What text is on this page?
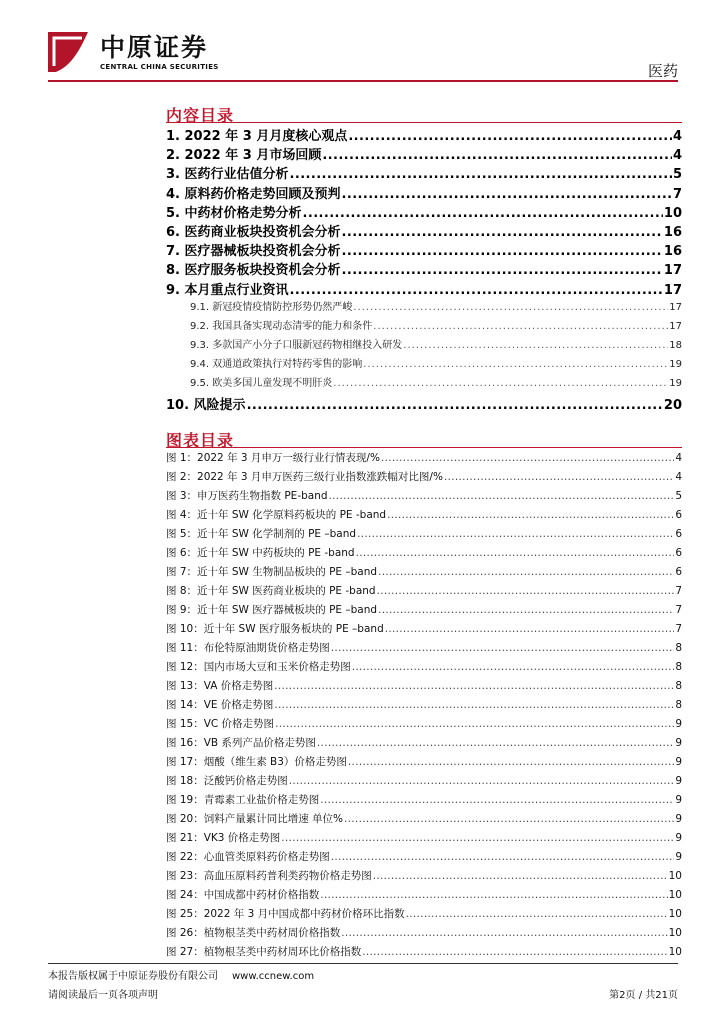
中原证券
CENTRAL CHINA SECURITIES	医药
内容目录
1. 2022 年 3 月月度核心观点 .....	4
2. 2022 年 3 月市场回顾 .....	4
3. 医药行业估值分析 .....	5
4. 原料药价格走势回顾及预判 .....	7
5. 中药材价格走势分析 .....	10
6. 医药商业板块投资机会分析 .....	16
7. 医疗器械板块投资机会分析 .....	16
8. 医疗服务板块投资机会分析 .....	17
9. 本月重点行业资讯 .....	17
9.1. 新冠疫情疫情防控形势仍然严峻 .....	17
9.2. 我国具备实现动态清零的能力和条件 .....	17
9.3. 多款国产小分子口服新冠药物相继投入研发 .....	18
9.4. 双通道政策执行对特药零售的影响 .....	19
9.5. 欧美多国儿童发现不明肝炎 .....	19
10. 风险提示 .....	20
图表目录
图 1：2022 年 3 月申万一级行业行情表现/% .....	4
图 2：2022 年 3 月申万医药三级行业指数涨跌幅对比图/% .....	4
图 3：申万医药生物指数 PE-band .....	5
图 4：近十年 SW 化学原料药板块的 PE -band .....	6
图 5：近十年 SW 化学制剂的 PE –band .....	6
图 6：近十年 SW 中药板块的 PE -band .....	6
图 7：近十年 SW 生物制品板块的 PE –band .....	6
图 8：近十年 SW 医药商业板块的 PE -band .....	7
图 9：近十年 SW 医疗器械板块的 PE –band .....	7
图 10：近十年 SW 医疗服务板块的 PE –band .....	7
图 11：布伦特原油期货价格走势图 .....	8
图 12：国内市场大豆和玉米价格走势图 .....	8
图 13：VA 价格走势图 .....	8
图 14：VE 价格走势图 .....	8
图 15：VC 价格走势图 .....	9
图 16：VB 系列产品价格走势图 .....	9
图 17：烟酸（维生素 B3）价格走势图 .....	9
图 18：泛酸钙价格走势图 .....	9
图 19：青霉素工业盐价格走势图 .....	9
图 20：饲料产量累计同比增速 单位% .....	9
图 21：VK3 价格走势图 .....	9
图 22：心血管类原料药价格走势图 .....	9
图 23：高血压原料药普利类药物价格走势图 .....	10
图 24：中国成都中药材价格指数 .....	10
图 25：2022 年 3 月中国成都中药材价格环比指数 .....	10
图 26：植物根茎类中药材周价格指数 .....	10
图 27：植物根茎类中药材周环比价格指数 .....	10
本报告版权属于中原证券股份有限公司 www.ccnew.com
请阅读最后一页各项声明	第2页 / 共21页
